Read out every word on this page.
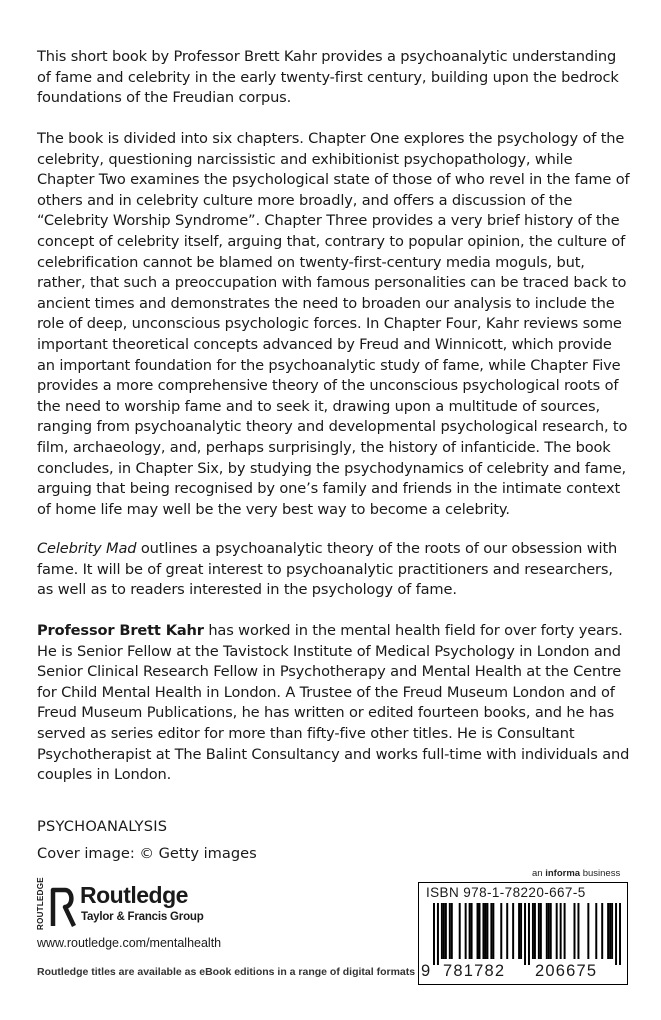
This short book by Professor Brett Kahr provides a psychoanalytic understanding of fame and celebrity in the early twenty-first century, building upon the bedrock foundations of the Freudian corpus.

The book is divided into six chapters. Chapter One explores the psychology of the celebrity, questioning narcissistic and exhibitionist psychopathology, while Chapter Two examines the psychological state of those of who revel in the fame of others and in celebrity culture more broadly, and offers a discussion of the “Celebrity Worship Syndrome”. Chapter Three provides a very brief history of the concept of celebrity itself, arguing that, contrary to popular opinion, the culture of celebrification cannot be blamed on twenty-first-century media moguls, but, rather, that such a preoccupation with famous personalities can be traced back to ancient times and demonstrates the need to broaden our analysis to include the role of deep, unconscious psychologic forces. In Chapter Four, Kahr reviews some important theoretical concepts advanced by Freud and Winnicott, which provide an important foundation for the psychoanalytic study of fame, while Chapter Five provides a more comprehensive theory of the unconscious psychological roots of the need to worship fame and to seek it, drawing upon a multitude of sources, ranging from psychoanalytic theory and developmental psychological research, to film, archaeology, and, perhaps surprisingly, the history of infanticide. The book concludes, in Chapter Six, by studying the psychodynamics of celebrity and fame, arguing that being recognised by one’s family and friends in the intimate context of home life may well be the very best way to become a celebrity.

Celebrity Mad outlines a psychoanalytic theory of the roots of our obsession with fame. It will be of great interest to psychoanalytic practitioners and researchers, as well as to readers interested in the psychology of fame.

Professor Brett Kahr has worked in the mental health field for over forty years. He is Senior Fellow at the Tavistock Institute of Medical Psychology in London and Senior Clinical Research Fellow in Psychotherapy and Mental Health at the Centre for Child Mental Health in London. A Trustee of the Freud Museum London and of Freud Museum Publications, he has written or edited fourteen books, and he has served as series editor for more than fifty-five other titles. He is Consultant Psychotherapist at The Balint Consultancy and works full-time with individuals and couples in London.

PSYCHOANALYSIS
Cover image: © Getty images
ROUTLEDGE Routledge
Taylor & Francis Group
www.routledge.com/mentalhealth
Routledge titles are available as eBook editions in a range of digital formats
an informa business
ISBN 978-1-78220-667-5
9 781782 206675
